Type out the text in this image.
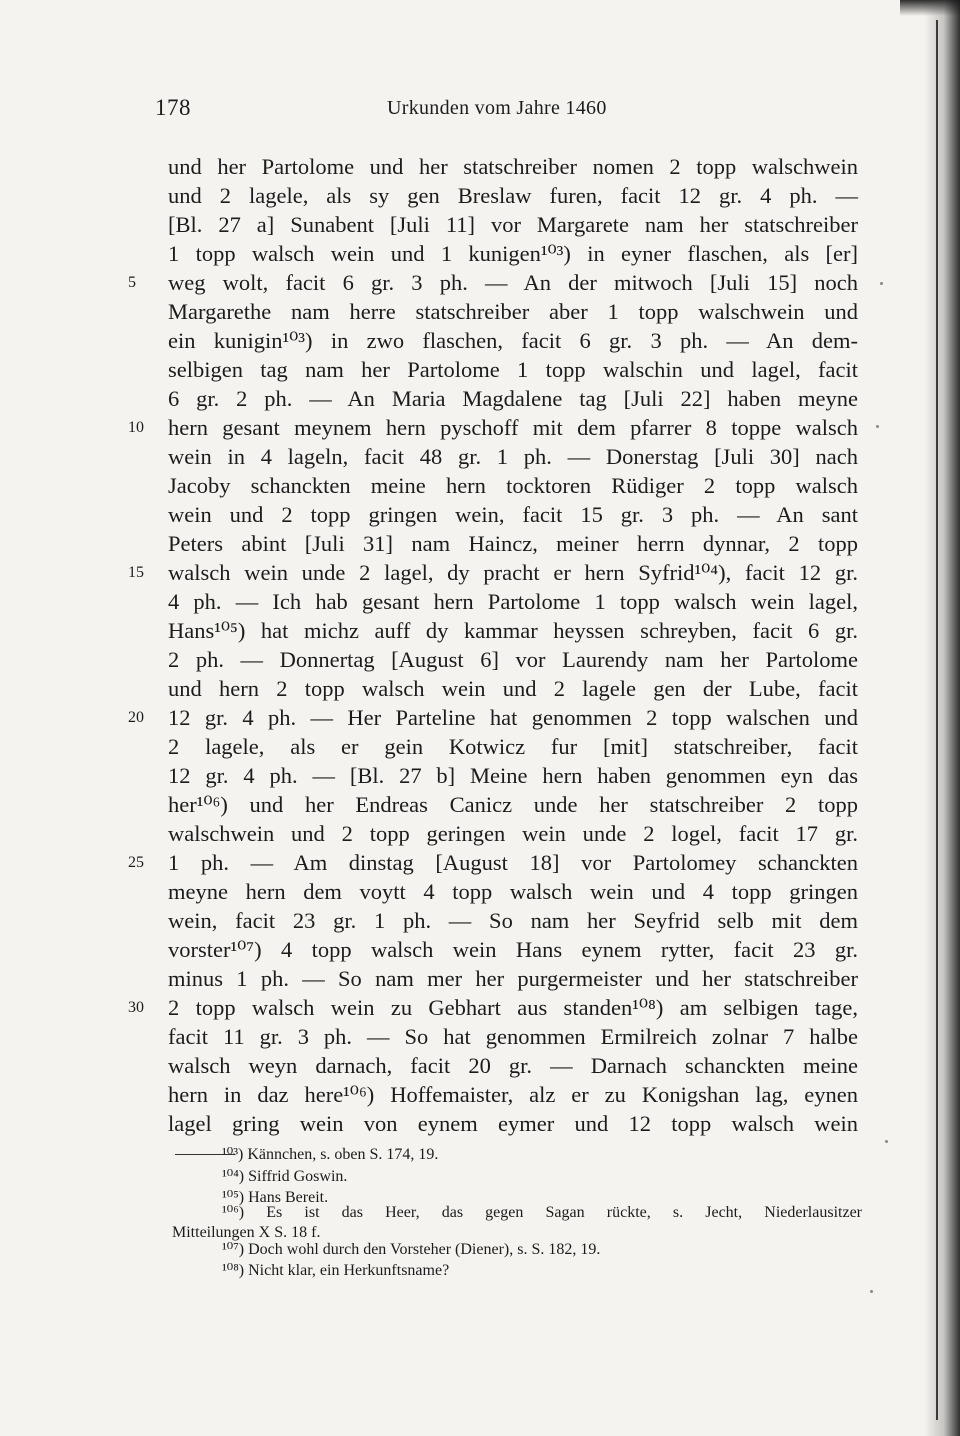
178	Urkunden vom Jahre 1460
und her Partolome und her statschreiber nomen 2 topp walschwein
und 2 lagele, als sy gen Breslaw furen, facit 12 gr. 4 ph. —
[Bl. 27 a] Sunabent [Juli 11] vor Margarete nam her statschreiber
1 topp walsch wein und 1 kunigen¹⁰³) in eyner flaschen, als [er]
weg wolt, facit 6 gr. 3 ph. — An der mitwoch [Juli 15] noch
Margarethe nam herre statschreiber aber 1 topp walschwein und
ein kunigin¹⁰³) in zwo flaschen, facit 6 gr. 3 ph. — An dem-
selbigen tag nam her Partolome 1 topp walschin und lagel, facit
6 gr. 2 ph. — An Maria Magdalene tag [Juli 22] haben meyne
hern gesant meynem hern pyschoff mit dem pfarrer 8 toppe walsch
wein in 4 lageln, facit 48 gr. 1 ph. — Donerstag [Juli 30] nach
Jacoby schanckten meine hern tocktoren Rüdiger 2 topp walsch
wein und 2 topp gringen wein, facit 15 gr. 3 ph. — An sant
Peters abint [Juli 31] nam Haincz, meiner herrn dynnar, 2 topp
walsch wein unde 2 lagel, dy pracht er hern Syfrid¹⁰⁴), facit 12 gr.
4 ph. — Ich hab gesant hern Partolome 1 topp walsch wein lagel,
Hans¹⁰⁵) hat michz auff dy kammar heyssen schreyben, facit 6 gr.
2 ph. — Donnertag [August 6] vor Laurendy nam her Partolome
und hern 2 topp walsch wein und 2 lagele gen der Lube, facit
12 gr. 4 ph. — Her Parteline hat genommen 2 topp walschen und
2 lagele, als er gein Kotwicz fur [mit] statschreiber, facit
12 gr. 4 ph. — [Bl. 27 b] Meine hern haben genommen eyn das
her¹⁰⁶) und her Endreas Canicz unde her statschreiber 2 topp
walschwein und 2 topp geringen wein unde 2 logel, facit 17 gr.
1 ph. — Am dinstag [August 18] vor Partolomey schanckten
meyne hern dem voytt 4 topp walsch wein und 4 topp gringen
wein, facit 23 gr. 1 ph. — So nam her Seyfrid selb mit dem
vorster¹⁰⁷) 4 topp walsch wein Hans eynem rytter, facit 23 gr.
minus 1 ph. — So nam mer her purgermeister und her statschreiber
2 topp walsch wein zu Gebhart aus standen¹⁰⁸) am selbigen tage,
facit 11 gr. 3 ph. — So hat genommen Ermilreich zolnar 7 halbe
walsch weyn darnach, facit 20 gr. — Darnach schanckten meine
hern in daz here¹⁰⁶) Hoffemaister, alz er zu Konigshan lag, eynen
lagel gring wein von eynem eymer und 12 topp walsch wein
5
10
15
20
25
30
¹⁰³) Kännchen, s. oben S. 174, 19.
¹⁰⁴) Siffrid Goswin.
¹⁰⁵) Hans Bereit.
¹⁰⁶) Es ist das Heer, das gegen Sagan rückte, s. Jecht, Niederlausitzer
Mitteilungen X S. 18 f.
¹⁰⁷) Doch wohl durch den Vorsteher (Diener), s. S. 182, 19.
¹⁰⁸) Nicht klar, ein Herkunftsname?
